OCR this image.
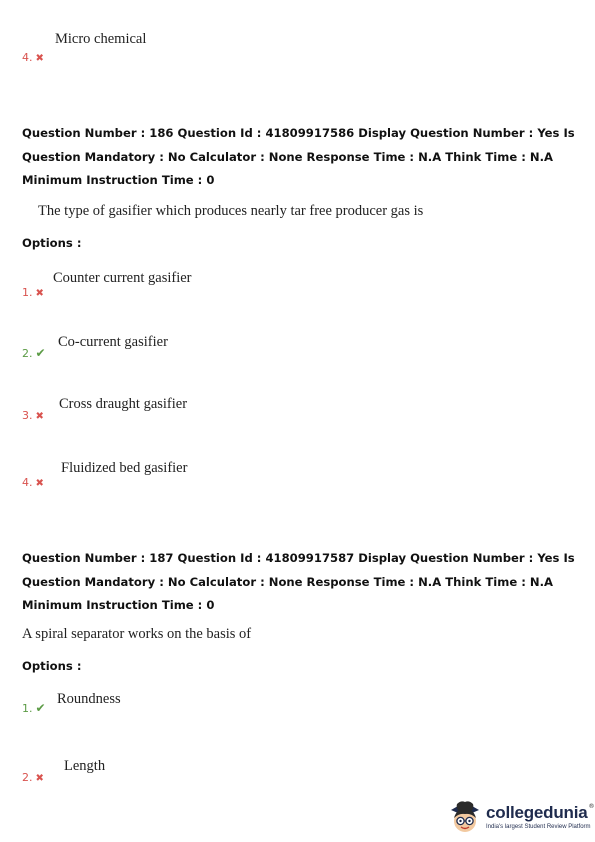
4. ✖
Micro chemical
Question Number : 186 Question Id : 41809917586 Display Question Number : Yes Is Question Mandatory : No Calculator : None Response Time : N.A Think Time : N.A Minimum Instruction Time : 0
The type of gasifier which produces nearly tar free producer gas is
Options :
1. ✖
Counter current gasifier
2. ✔
Co-current gasifier
3. ✖
Cross draught gasifier
4. ✖
Fluidized bed gasifier
Question Number : 187 Question Id : 41809917587 Display Question Number : Yes Is Question Mandatory : No Calculator : None Response Time : N.A Think Time : N.A Minimum Instruction Time : 0
A spiral separator works on the basis of
Options :
1. ✔
Roundness
2. ✖
Length
collegedunia®
India's largest Student Review Platform
